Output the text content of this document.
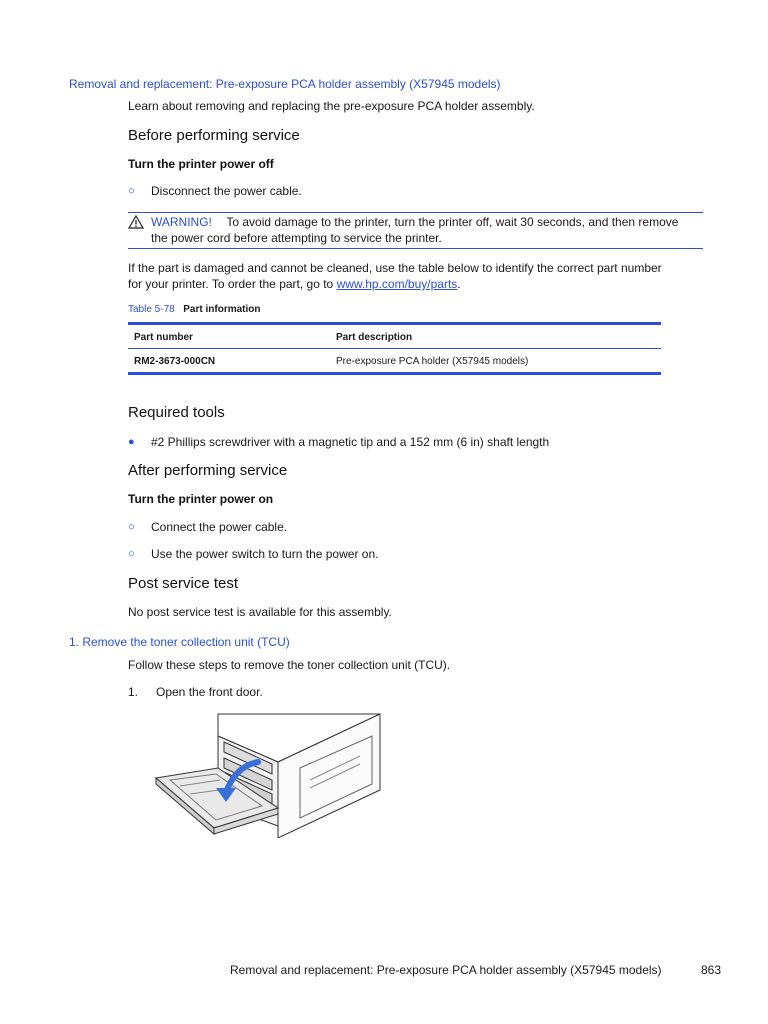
Removal and replacement: Pre-exposure PCA holder assembly (X57945 models)
Learn about removing and replacing the pre-exposure PCA holder assembly.
Before performing service
Turn the printer power off
○ Disconnect the power cable.
WARNING! To avoid damage to the printer, turn the printer off, wait 30 seconds, and then remove
the power cord before attempting to service the printer.
If the part is damaged and cannot be cleaned, use the table below to identify the correct part number
for your printer. To order the part, go to www.hp.com/buy/parts.
Table 5-78 Part information
Part number	Part description
RM2-3673-000CN	Pre-exposure PCA holder (X57945 models)
Required tools
● #2 Phillips screwdriver with a magnetic tip and a 152 mm (6 in) shaft length
After performing service
Turn the printer power on
○ Connect the power cable.
○ Use the power switch to turn the power on.
Post service test
No post service test is available for this assembly.
1. Remove the toner collection unit (TCU)
Follow these steps to remove the toner collection unit (TCU).
1. Open the front door.
Removal and replacement: Pre-exposure PCA holder assembly (X57945 models)	863
